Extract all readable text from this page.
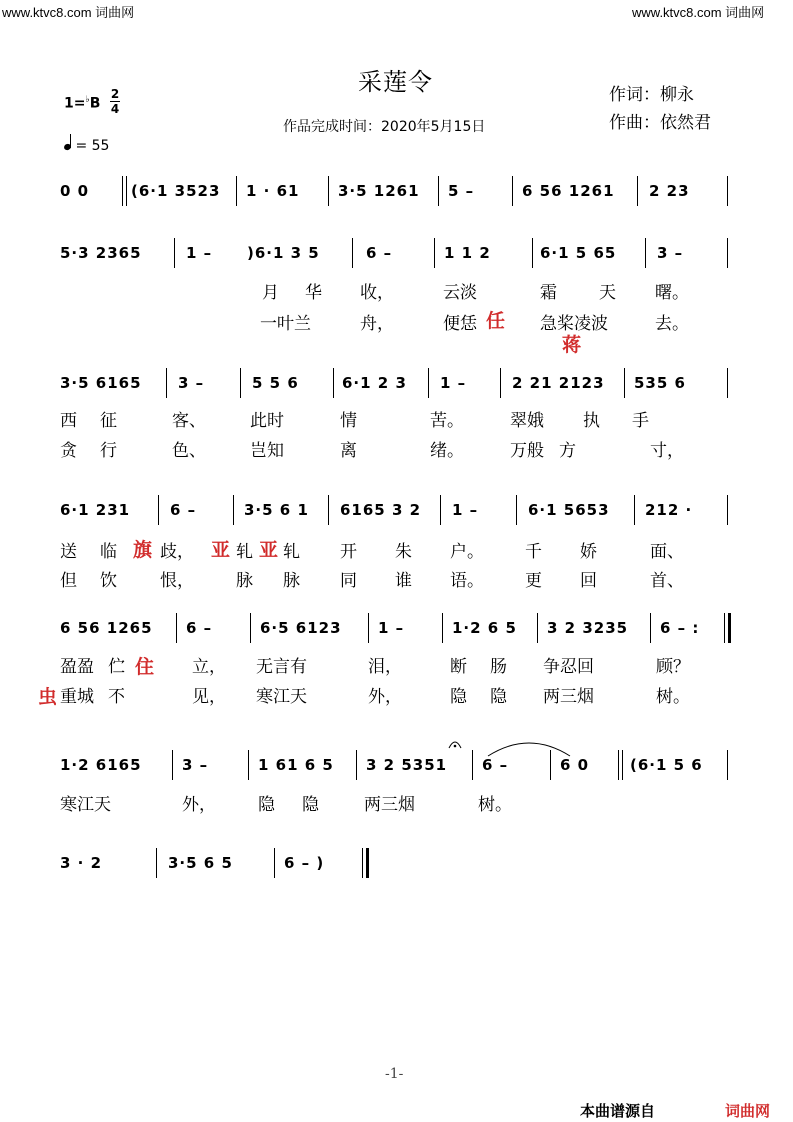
www.ktvc8.com 词曲网	www.ktvc8.com 词曲网
采莲令	作词：柳永
作曲：依然君
作品完成时间：2020年5月15日
1=♭B
2
4
= 55
0 0	(6·1 3523 1 · 61	3·5 1261 5 –	6 56 1261 2 23
5·3 2365	1 – )6·1 3 5	6 –	1 1 2	6·1 5 65	3 –
月 华 收，	云淡	霜 天 曙。
一叶兰	舟，	便恁	急桨凌波	去。
任
蒋
3·5 6165 3 –	5 5 6	6·1 2 3 1 –	2 21 2123 535 6
西 征	客、	此时	情	苦。	翠娥 执 手
贪 行	色、	岂知	离	绪。	万般 方	寸，
6·1 231	6 –	3·5 6 1 6165 3 2 1 –	6·1 5653 212 ·
送 临	歧， 轧 轧 开 朱 户。 千 娇	面、
旗	亚 亚
但 饮	恨， 脉 脉 同 谁 语。 更 回	首、
6 56 1265 6 –	6·5 6123 1 –	1·2 6 5 3 2 3235 6 – :
盈盈 伫	立， 无言有	泪，	断 肠 争忍回	顾？
住
重城 不	见， 寒江天	外，	隐 隐 两三烟	树。
虫
1·2 6165	3 –	1 61 6 5 3 2 5351 6 –	6 0	(6·1 5 6
寒江天	外， 隐 隐	两三烟	树。
3 · 2	3·5 6 5	6 – )
-1-
本曲谱源自	词曲网
